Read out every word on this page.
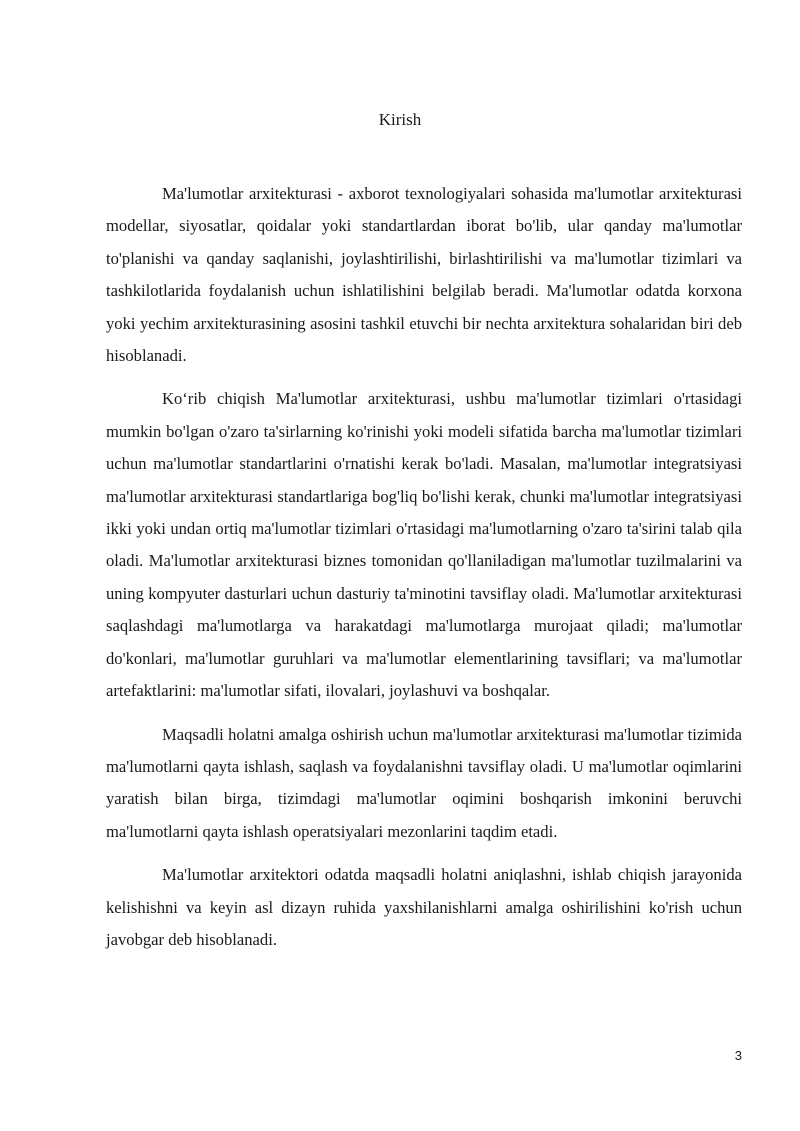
Kirish

Ma'lumotlar arxitekturasi - axborot texnologiyalari sohasida ma'lumotlar arxitekturasi modellar, siyosatlar, qoidalar yoki standartlardan iborat bo'lib, ular qanday ma'lumotlar to'planishi va qanday saqlanishi, joylashtirilishi, birlashtirilishi va ma'lumotlar tizimlari va tashkilotlarida foydalanish uchun ishlatilishini belgilab beradi. Ma'lumotlar odatda korxona yoki yechim arxitekturasining asosini tashkil etuvchi bir nechta arxitektura sohalaridan biri deb hisoblanadi.

Koʻrib chiqish Ma'lumotlar arxitekturasi, ushbu ma'lumotlar tizimlari o'rtasidagi mumkin bo'lgan o'zaro ta'sirlarning ko'rinishi yoki modeli sifatida barcha ma'lumotlar tizimlari uchun ma'lumotlar standartlarini o'rnatishi kerak bo'ladi. Masalan, ma'lumotlar integratsiyasi ma'lumotlar arxitekturasi standartlariga bog'liq bo'lishi kerak, chunki ma'lumotlar integratsiyasi ikki yoki undan ortiq ma'lumotlar tizimlari o'rtasidagi ma'lumotlarning o'zaro ta'sirini talab qila oladi. Ma'lumotlar arxitekturasi biznes tomonidan qo'llaniladigan ma'lumotlar tuzilmalarini va uning kompyuter dasturlari uchun dasturiy ta'minotini tavsiflay oladi. Ma'lumotlar arxitekturasi saqlashdagi ma'lumotlarga va harakatdagi ma'lumotlarga murojaat qiladi; ma'lumotlar do'konlari, ma'lumotlar guruhlari va ma'lumotlar elementlarining tavsiflari; va ma'lumotlar artefaktlarini: ma'lumotlar sifati, ilovalari, joylashuvi va boshqalar.

Maqsadli holatni amalga oshirish uchun ma'lumotlar arxitekturasi ma'lumotlar tizimida ma'lumotlarni qayta ishlash, saqlash va foydalanishni tavsiflay oladi. U ma'lumotlar oqimlarini yaratish bilan birga, tizimdagi ma'lumotlar oqimini boshqarish imkonini beruvchi ma'lumotlarni qayta ishlash operatsiyalari mezonlarini taqdim etadi.

Ma'lumotlar arxitektori odatda maqsadli holatni aniqlashni, ishlab chiqish jarayonida kelishishni va keyin asl dizayn ruhida yaxshilanishlarni amalga oshirilishini ko'rish uchun javobgar deb hisoblanadi.

3
